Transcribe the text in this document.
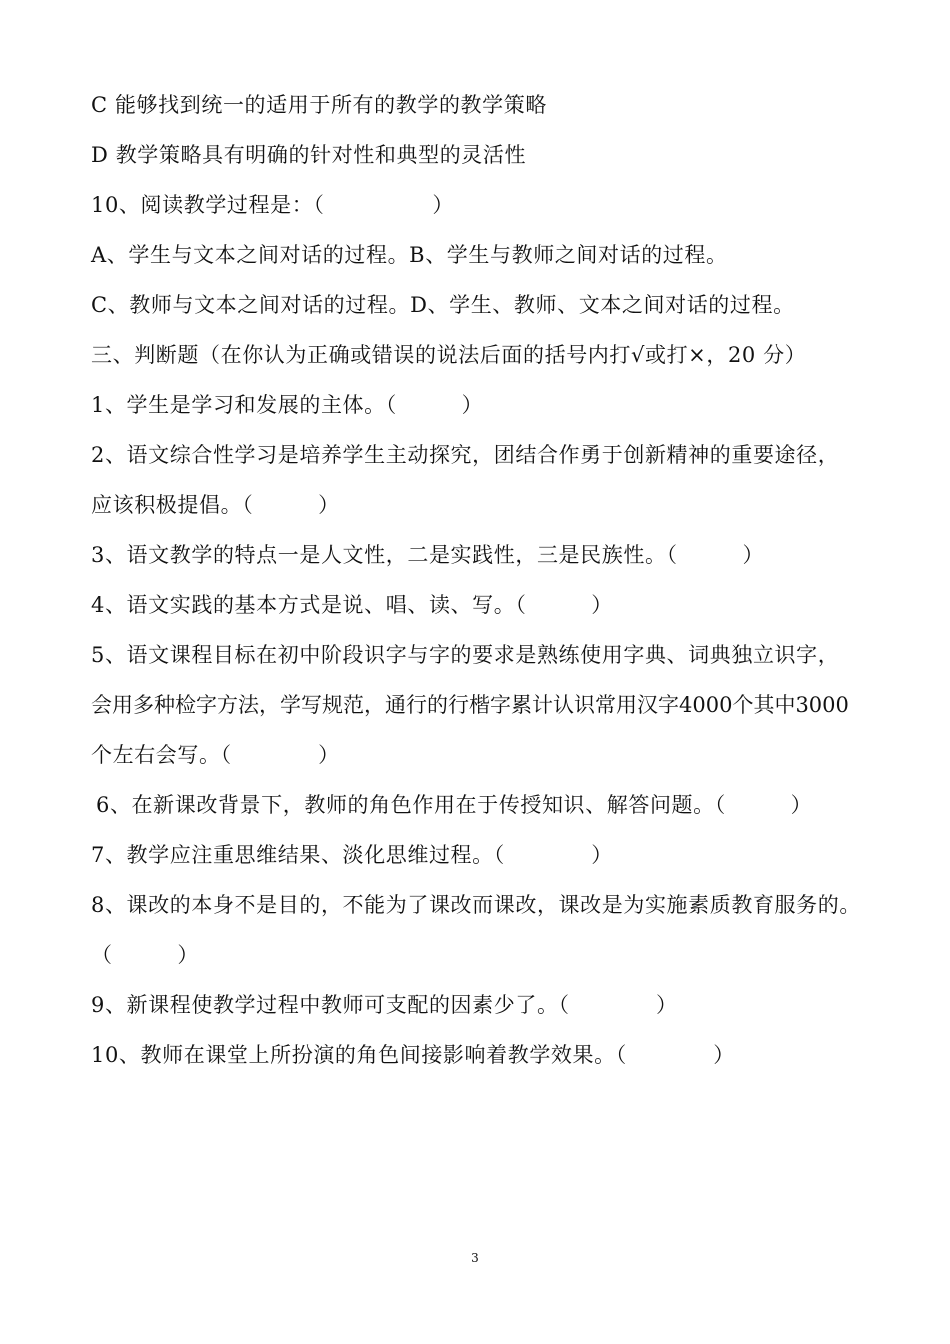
C 能够找到统一的适用于所有的教学的教学策略
D 教学策略具有明确的针对性和典型的灵活性
10、阅读教学过程是：（　　　　　）
A、学生与文本之间对话的过程。B、学生与教师之间对话的过程。
C、教师与文本之间对话的过程。D、学生、教师、文本之间对话的过程。
三、判断题（在你认为正确或错误的说法后面的括号内打√或打×，20 分）
1、学生是学习和发展的主体。（　　　）
2、语文综合性学习是培养学生主动探究，团结合作勇于创新精神的重要途径，
应该积极提倡。（　　　）
3、语文教学的特点一是人文性，二是实践性，三是民族性。（　　　）
4、语文实践的基本方式是说、唱、读、写。（　　　）
5、语文课程目标在初中阶段识字与字的要求是熟练使用字典、词典独立识字，
会用多种检字方法，学写规范，通行的行楷字累计认识常用汉字4000个其中3000
个左右会写。（　　　　）
6、在新课改背景下，教师的角色作用在于传授知识、解答问题。（　　　）
7、教学应注重思维结果、淡化思维过程。（　　　　）
8、课改的本身不是目的，不能为了课改而课改，课改是为实施素质教育服务的。
（　　　）
9、新课程使教学过程中教师可支配的因素少了。（　　　　）
10、教师在课堂上所扮演的角色间接影响着教学效果。（　　　　）
3
